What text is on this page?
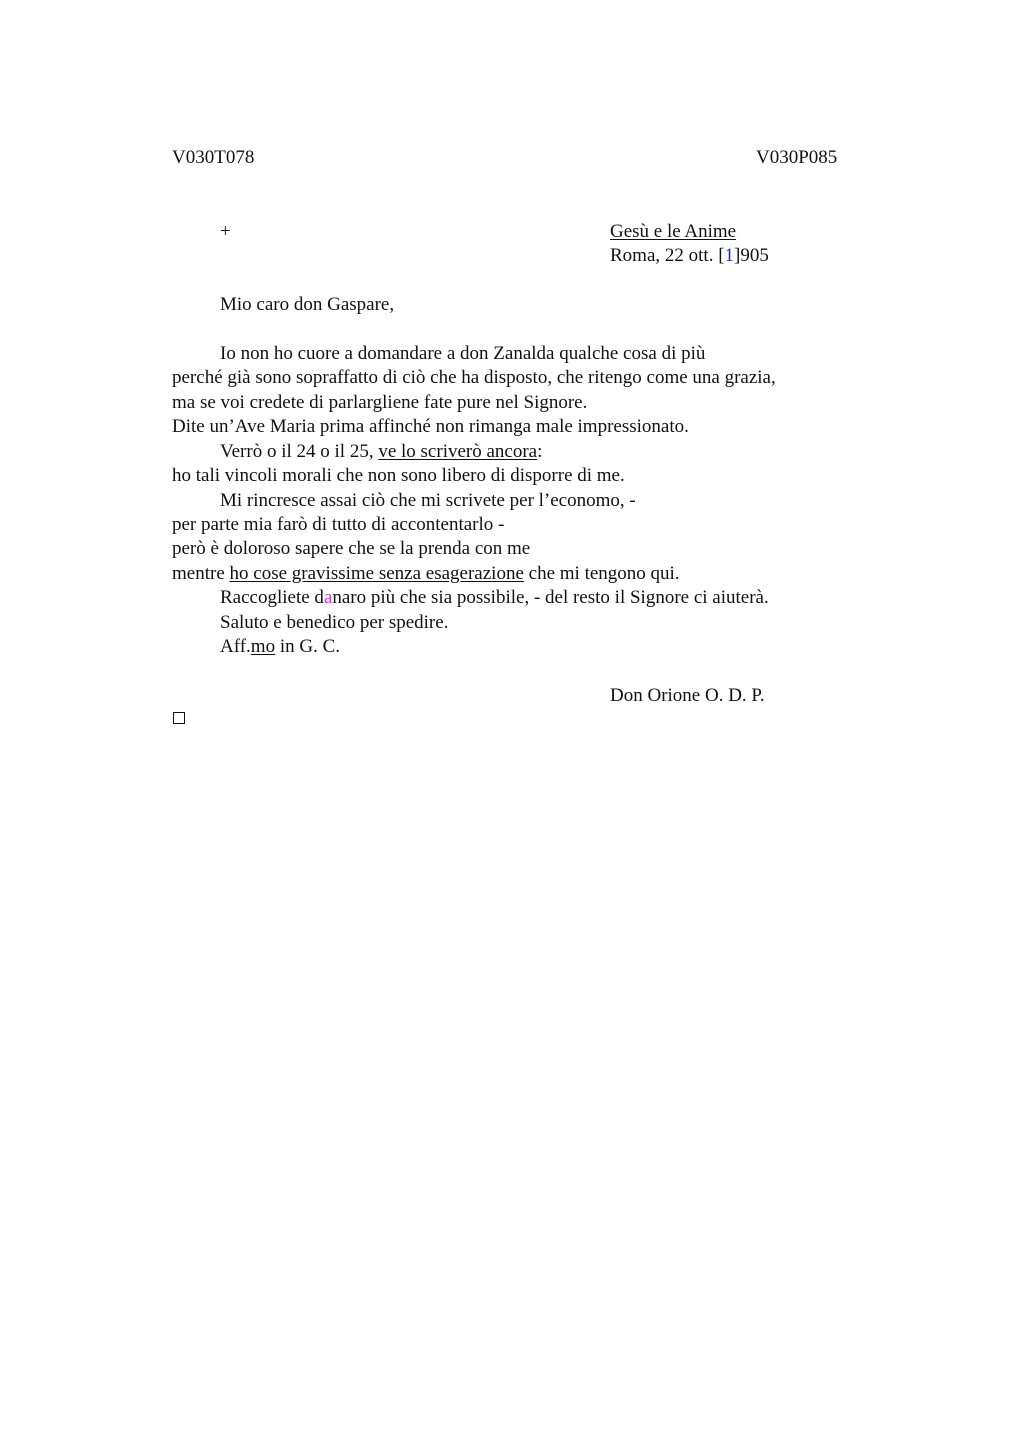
V030T078	V030P085
+	Gesù e le Anime
Roma, 22 ott. [1]905
Mio caro don Gaspare,
Io non ho cuore a domandare a don Zanalda qualche cosa di più
perché già sono sopraffatto di ciò che ha disposto, che ritengo come una grazia,
ma se voi credete di parlargliene fate pure nel Signore.
Dite un’Ave Maria prima affinché non rimanga male impressionato.
Verrò o il 24 o il 25, ve lo scriverò ancora:
ho tali vincoli morali che non sono libero di disporre di me.
Mi rincresce assai ciò che mi scrivete per l’economo, -
per parte mia farò di tutto di accontentarlo -
però è doloroso sapere che se la prenda con me
mentre ho cose gravissime senza esagerazione che mi tengono qui.
Raccogliete danaro più che sia possibile, - del resto il Signore ci aiuterà.
Saluto e benedico per spedire.
Aff.mo in G. C.
Don Orione O. D. P.
